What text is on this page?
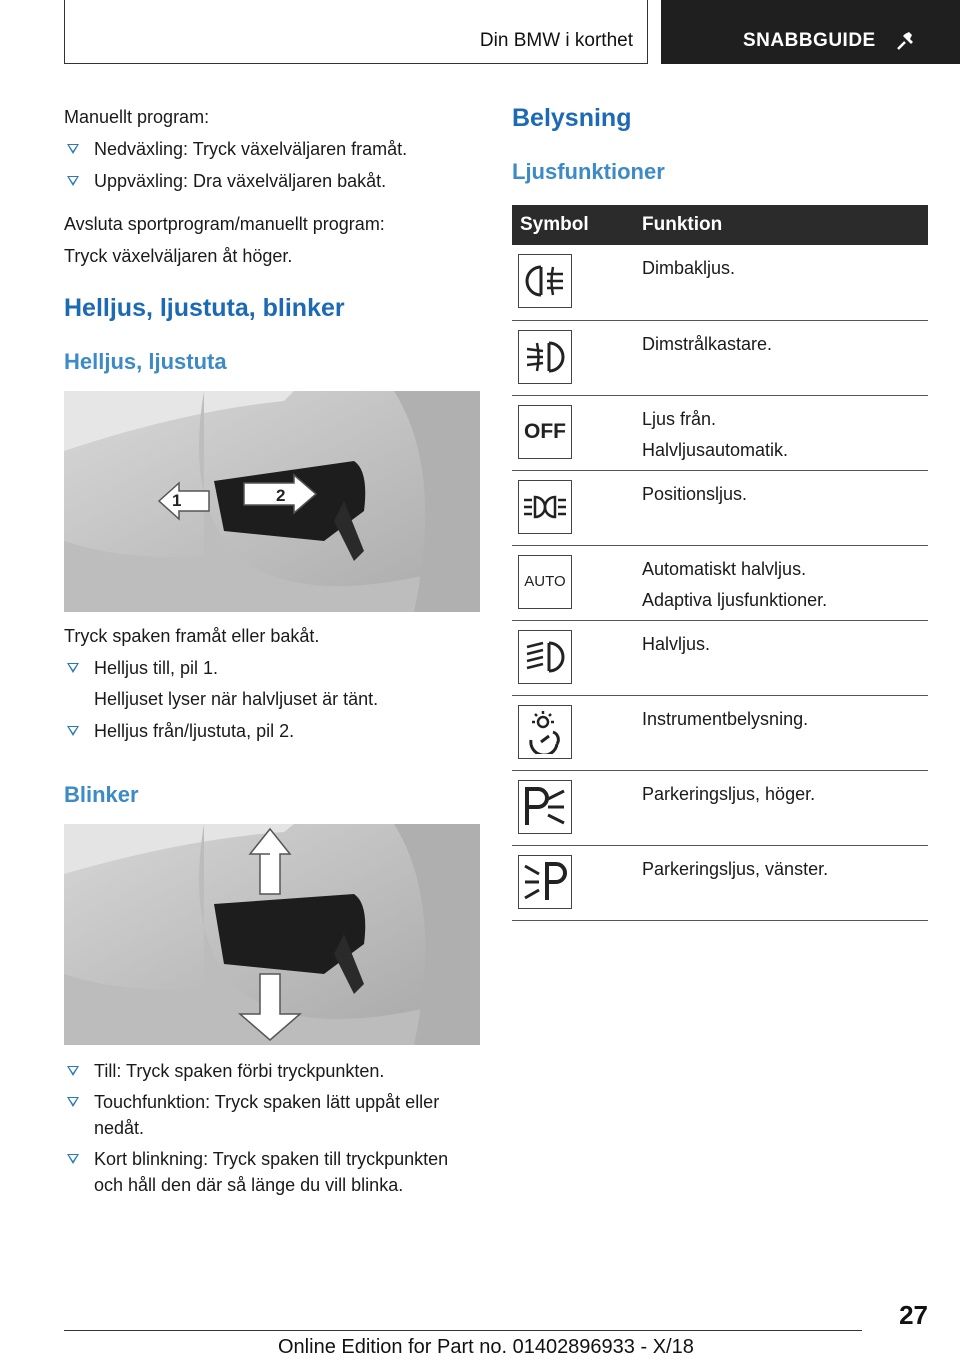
Din BMW i korthet	SNABBGUIDE
Manuellt program:
Nedväxling: Tryck växelväljaren framåt.
Uppväxling: Dra växelväljaren bakåt.
Avsluta sportprogram/manuellt program:
Tryck växelväljaren åt höger.
Helljus, ljustuta, blinker
Helljus, ljustuta
1	2
Tryck spaken framåt eller bakåt.
Helljus till, pil 1.
Helljuset lyser när halvljuset är tänt.
Helljus från/ljustuta, pil 2.
Blinker
Till: Tryck spaken förbi tryckpunkten.
Touchfunktion: Tryck spaken lätt uppåt eller nedåt.
Kort blinkning: Tryck spaken till tryckpunkten och håll den där så länge du vill blinka.
Belysning
Ljusfunktioner
Symbol	Funktion

Dimbakljus.

Dimstrålkastare.

OFF	Ljus från.
Halvljusautomatik.

Positionsljus.

AUTO	Automatiskt halvljus.
Adaptiva ljusfunktioner.

Halvljus.

Instrumentbelysning.

Parkeringsljus, höger.

Parkeringsljus, vänster.
27
Online Edition for Part no. 01402896933 - X/18
